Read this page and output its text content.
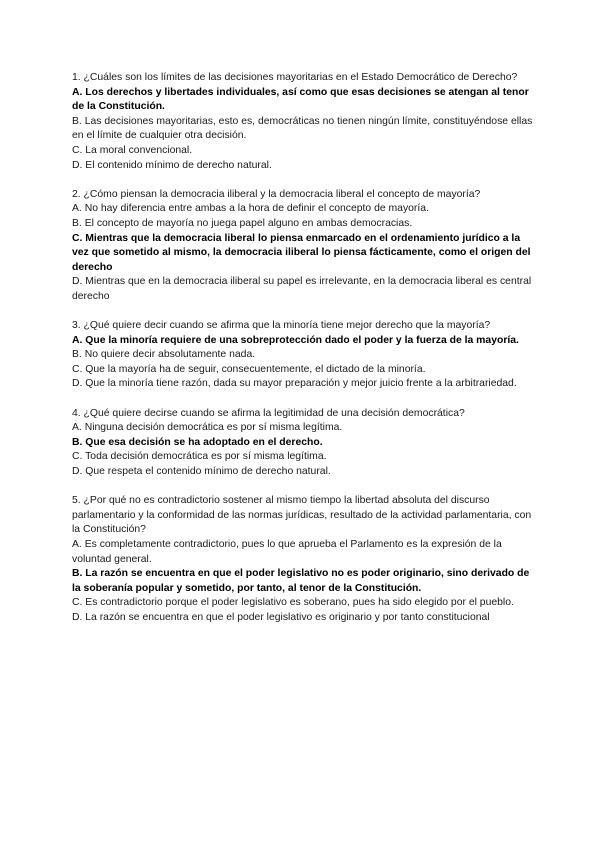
1. ¿Cuáles son los límites de las decisiones mayoritarias en el Estado Democrático de Derecho?

A. Los derechos y libertades individuales, así como que esas decisiones se atengan al tenor de la Constitución.

B. Las decisiones mayoritarias, esto es, democráticas no tienen ningún límite, constituyéndose ellas en el límite de cualquier otra decisión.

C. La moral convencional.

D. El contenido mínimo de derecho natural.

2. ¿Cómo piensan la democracia iliberal y la democracia liberal el concepto de mayoría?

A. No hay diferencia entre ambas a la hora de definir el concepto de mayoría.

B. El concepto de mayoría no juega papel alguno en ambas democracias.

C. Mientras que la democracia liberal lo piensa enmarcado en el ordenamiento jurídico a la vez que sometido al mismo, la democracia iliberal lo piensa fácticamente, como el origen del derecho

D. Mientras que en la democracia iliberal su papel es irrelevante, en la democracia liberal es central derecho

3. ¿Qué quiere decir cuando se afirma que la minoría tiene mejor derecho que la mayoría?

A. Que la minoría requiere de una sobreprotección dado el poder y la fuerza de la mayoría.

B. No quiere decir absolutamente nada.

C. Que la mayoría ha de seguir, consecuentemente, el dictado de la minoría.

D. Que la minoría tiene razón, dada su mayor preparación y mejor juicio frente a la arbitrariedad.

4. ¿Qué quiere decirse cuando se afirma la legitimidad de una decisión democrática?

A. Ninguna decisión democrática es por sí misma legítima.

B. Que esa decisión se ha adoptado en el derecho.

C. Toda decisión democrática es por sí misma legítima.

D. Que respeta el contenido mínimo de derecho natural.

5. ¿Por qué no es contradictorio sostener al mismo tiempo la libertad absoluta del discurso parlamentario y la conformidad de las normas jurídicas, resultado de la actividad parlamentaria, con la Constitución?

A. Es completamente contradictorio, pues lo que aprueba el Parlamento es la expresión de la voluntad general.

B. La razón se encuentra en que el poder legislativo no es poder originario, sino derivado de la soberanía popular y sometido, por tanto, al tenor de la Constitución.

C. Es contradictorio porque el poder legislativo es soberano, pues ha sido elegido por el pueblo.

D. La razón se encuentra en que el poder legislativo es originario y por tanto constitucional
